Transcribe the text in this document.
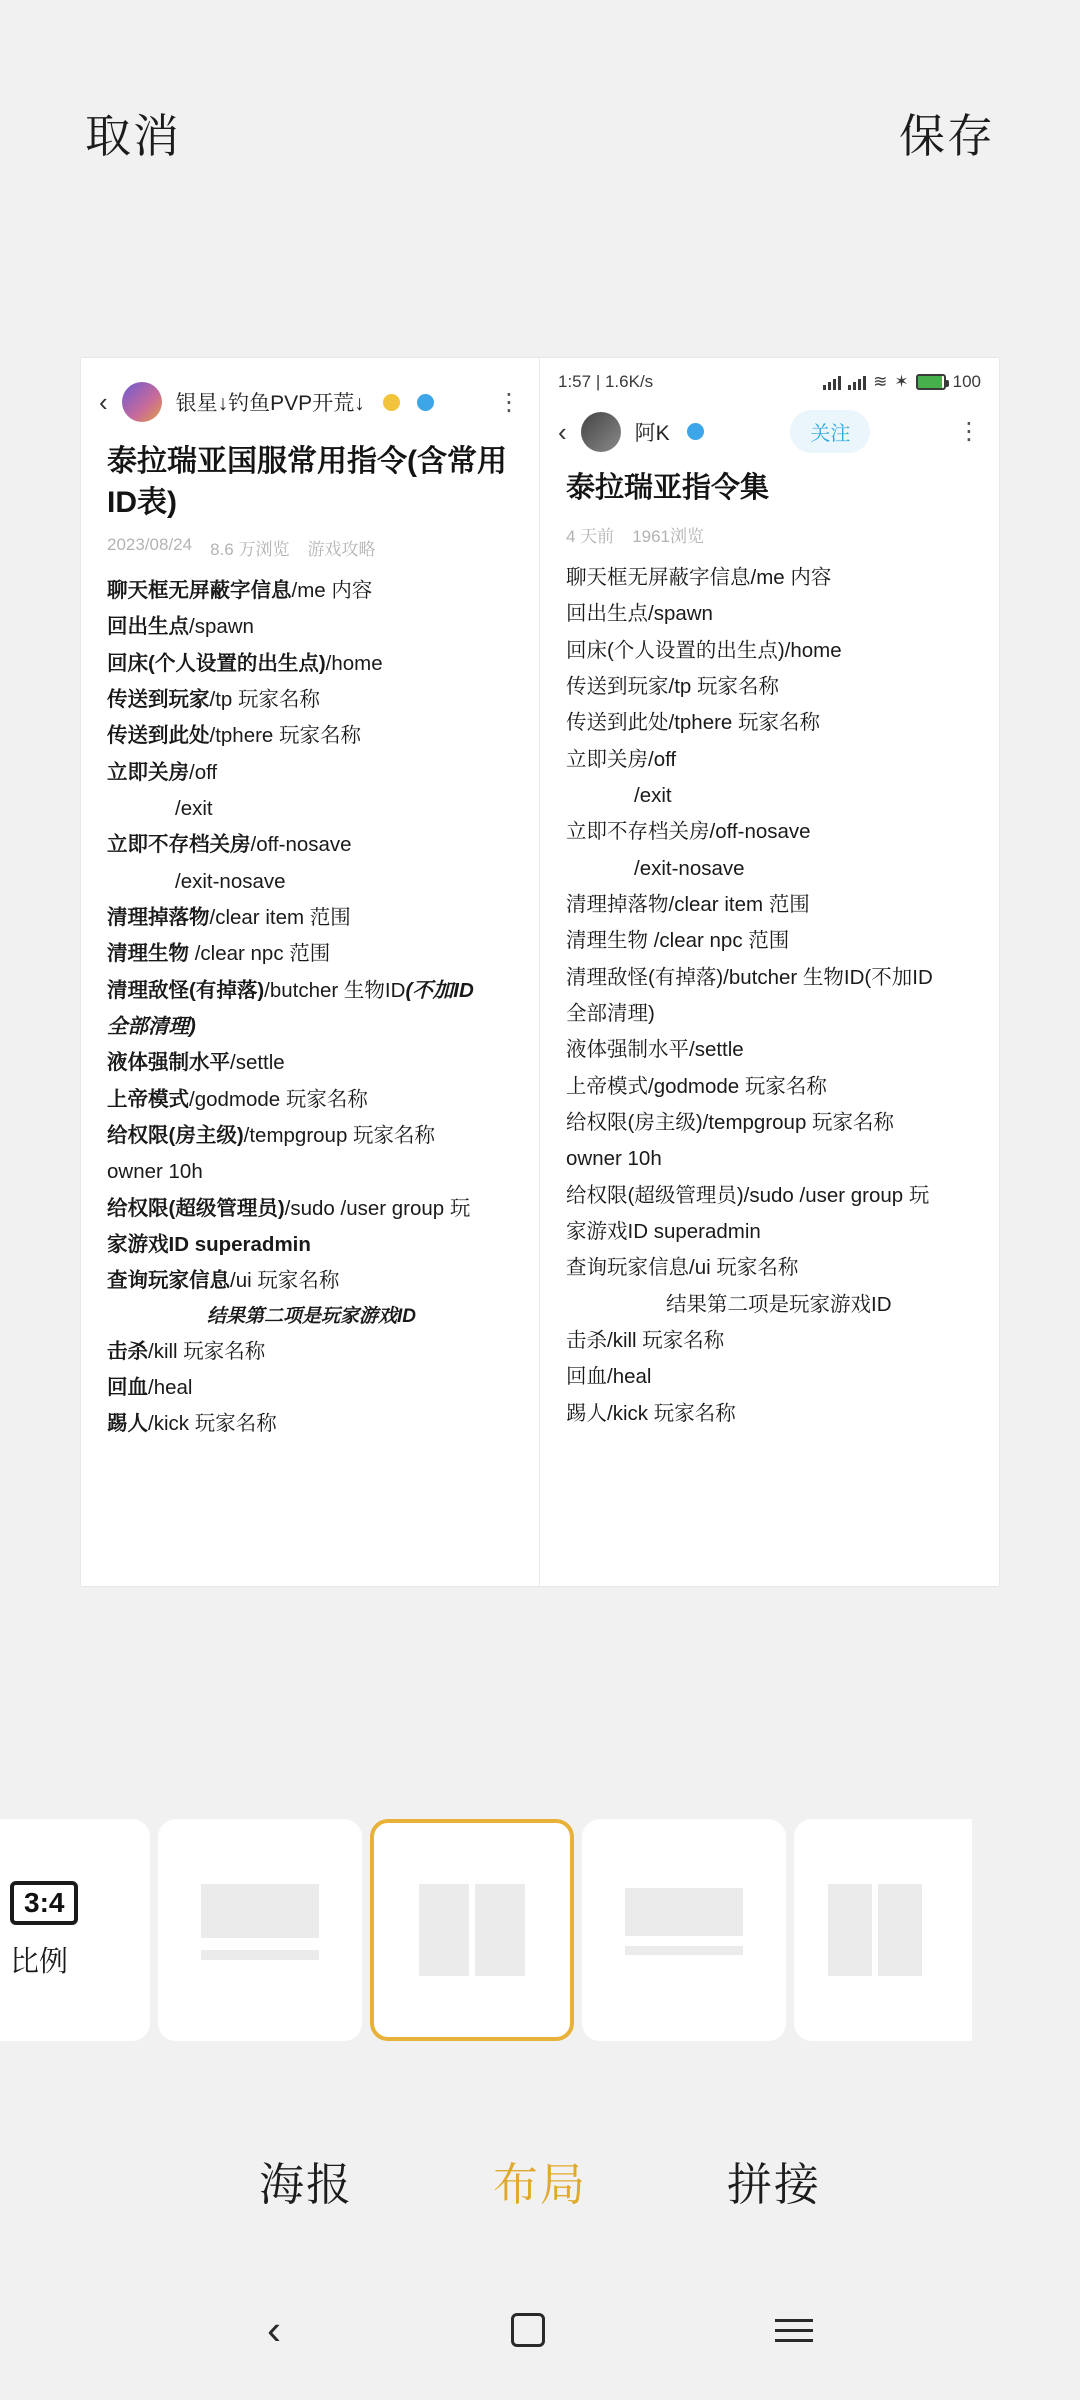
取消	保存
‹	银星↓钓鱼PVP开荒↓	⋮
泰拉瑞亚国服常用指令(含常用ID表)
2023/08/24 8.6 万浏览 游戏攻略
聊天框无屏蔽字信息/me 内容
回出生点/spawn
回床(个人设置的出生点)/home
传送到玩家/tp 玩家名称
传送到此处/tphere 玩家名称
立即关房/off
/exit
立即不存档关房/off-nosave
/exit-nosave
清理掉落物/clear item 范围
清理生物 /clear npc 范围
清理敌怪(有掉落)/butcher 生物ID(不加ID
全部清理)
液体强制水平/settle
上帝模式/godmode 玩家名称
给权限(房主级)/tempgroup 玩家名称
owner 10h
给权限(超级管理员)/sudo /user group 玩
家游戏ID superadmin
查询玩家信息/ui 玩家名称
结果第二项是玩家游戏ID
击杀/kill 玩家名称
回血/heal
踢人/kick 玩家名称
1:57 | 1.6K/s	≋ ✶	100
‹	阿K	关注	⋮
泰拉瑞亚指令集
4 天前 1961浏览
聊天框无屏蔽字信息/me 内容
回出生点/spawn
回床(个人设置的出生点)/home
传送到玩家/tp 玩家名称
传送到此处/tphere 玩家名称
立即关房/off
/exit
立即不存档关房/off-nosave
/exit-nosave
清理掉落物/clear item 范围
清理生物 /clear npc 范围
清理敌怪(有掉落)/butcher 生物ID(不加ID
全部清理)
液体强制水平/settle
上帝模式/godmode 玩家名称
给权限(房主级)/tempgroup 玩家名称
owner 10h
给权限(超级管理员)/sudo /user group 玩
家游戏ID superadmin
查询玩家信息/ui 玩家名称
结果第二项是玩家游戏ID
击杀/kill 玩家名称
回血/heal
踢人/kick 玩家名称
3:4
比例
海报	布局	拼接
‹
